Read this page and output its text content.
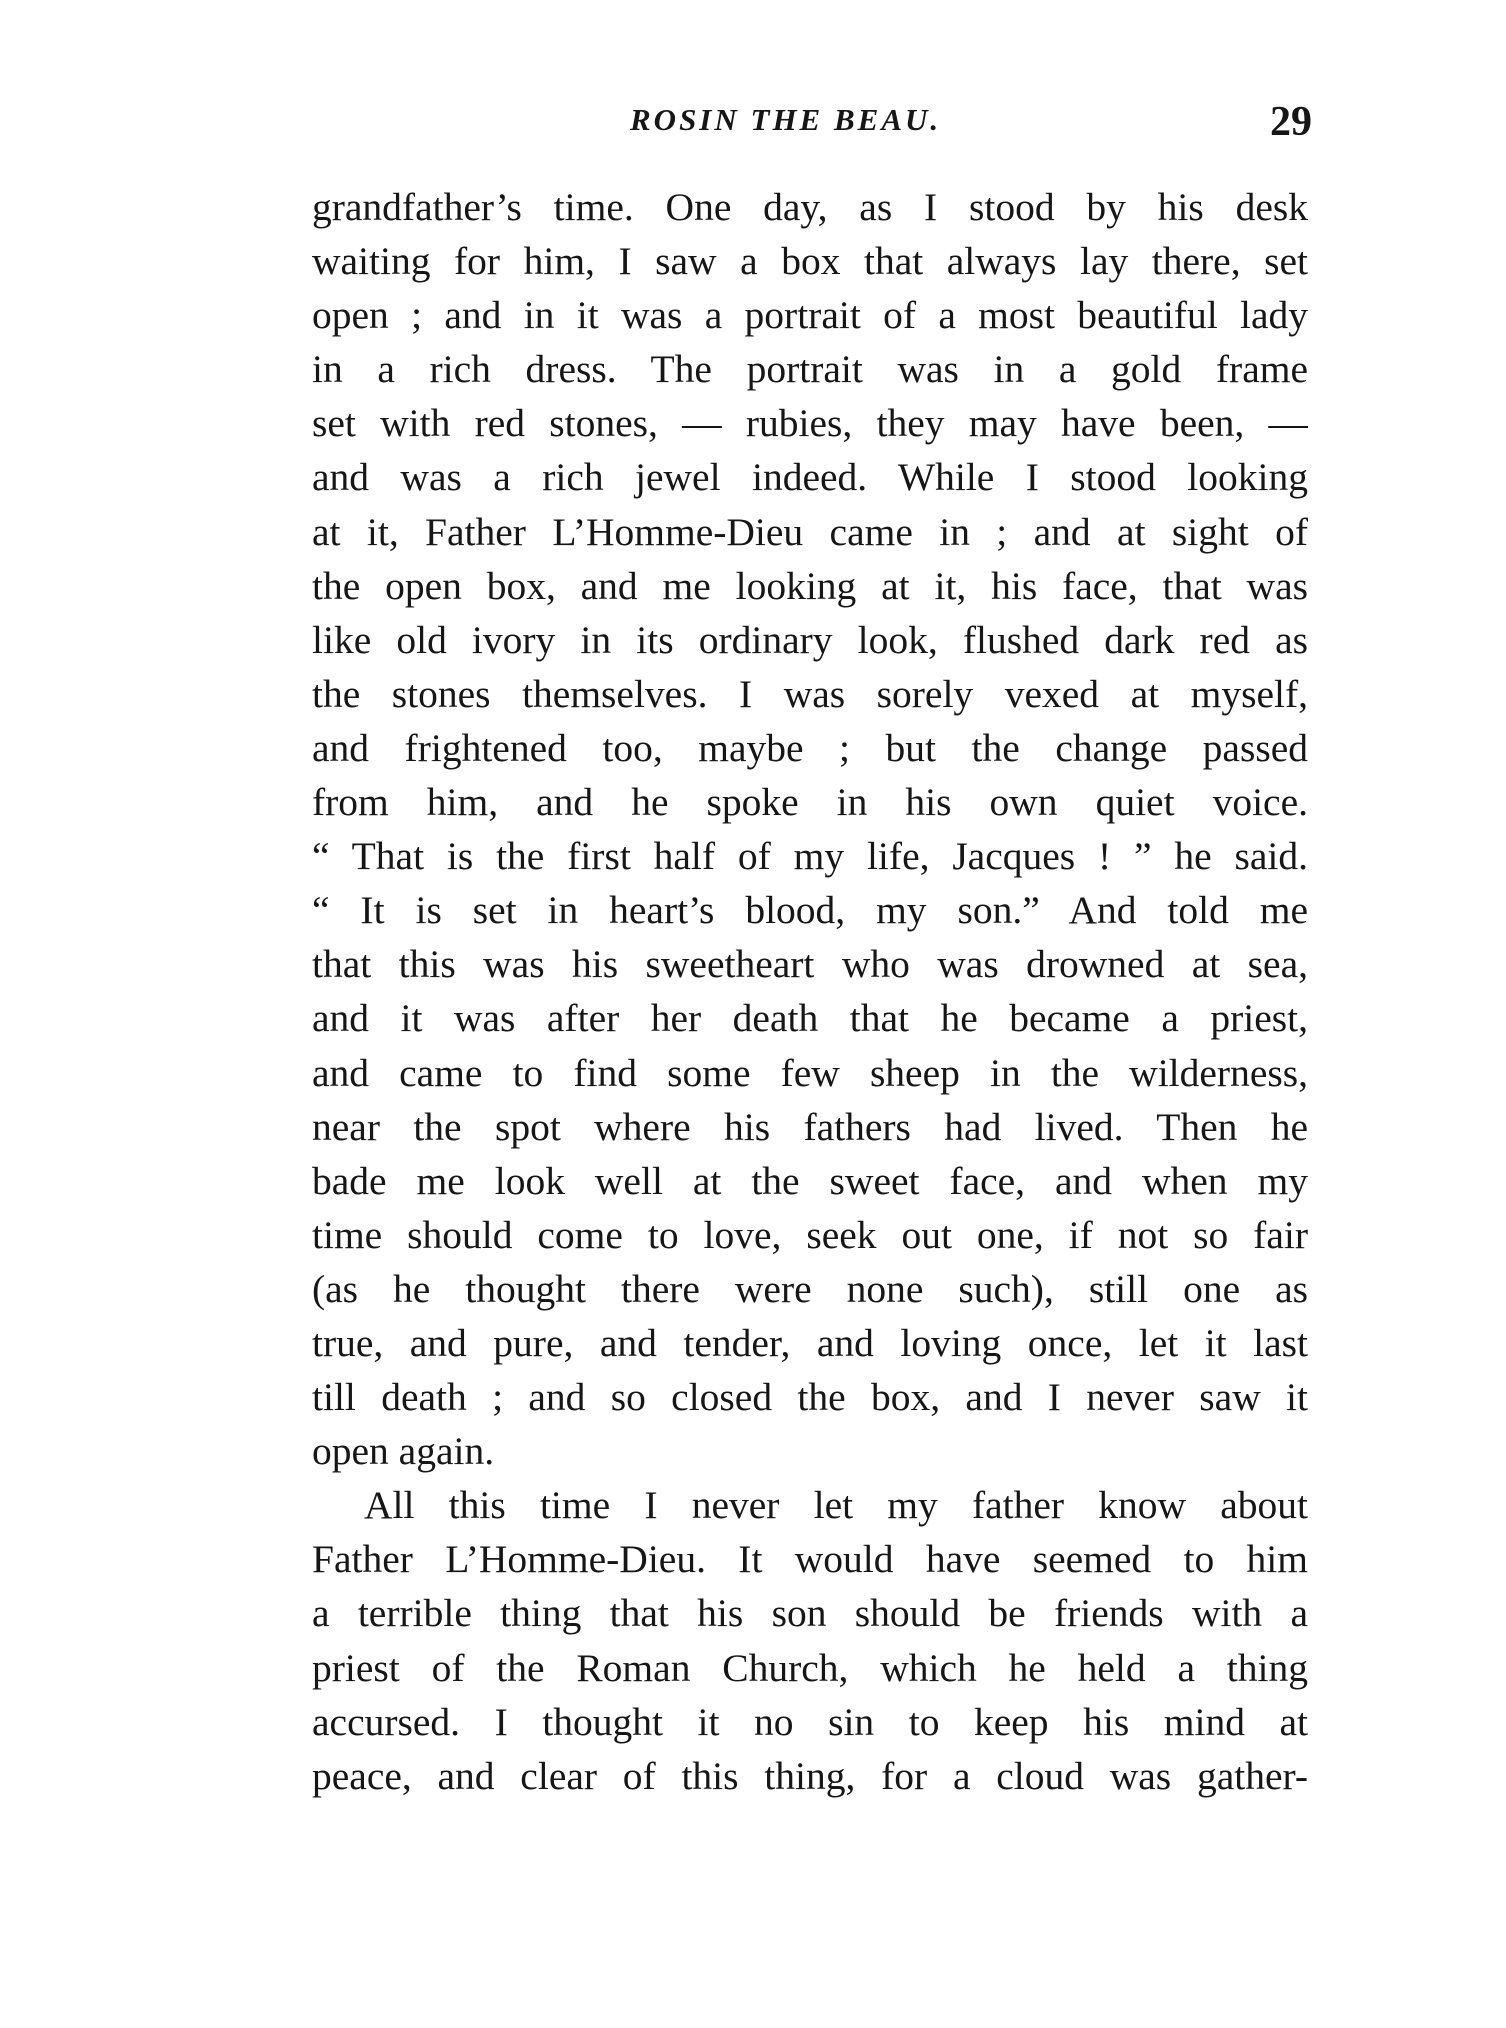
ROSIN THE BEAU.	29
grandfather’s time. One day, as I stood by his desk
waiting for him, I saw a box that always lay there, set
open ; and in it was a portrait of a most beautiful lady
in a rich dress. The portrait was in a gold frame
set with red stones, — rubies, they may have been, —
and was a rich jewel indeed. While I stood looking
at it, Father L’Homme-Dieu came in ; and at sight of
the open box, and me looking at it, his face, that was
like old ivory in its ordinary look, flushed dark red as
the stones themselves. I was sorely vexed at myself,
and frightened too, maybe ; but the change passed
from him, and he spoke in his own quiet voice.
“ That is the first half of my life, Jacques ! ” he said.
“ It is set in heart’s blood, my son.” And told me
that this was his sweetheart who was drowned at sea,
and it was after her death that he became a priest,
and came to find some few sheep in the wilderness,
near the spot where his fathers had lived. Then he
bade me look well at the sweet face, and when my
time should come to love, seek out one, if not so fair
(as he thought there were none such), still one as
true, and pure, and tender, and loving once, let it last
till death ; and so closed the box, and I never saw it
open again.
All this time I never let my father know about
Father L’Homme-Dieu. It would have seemed to him
a terrible thing that his son should be friends with a
priest of the Roman Church, which he held a thing
accursed. I thought it no sin to keep his mind at
peace, and clear of this thing, for a cloud was gather-
